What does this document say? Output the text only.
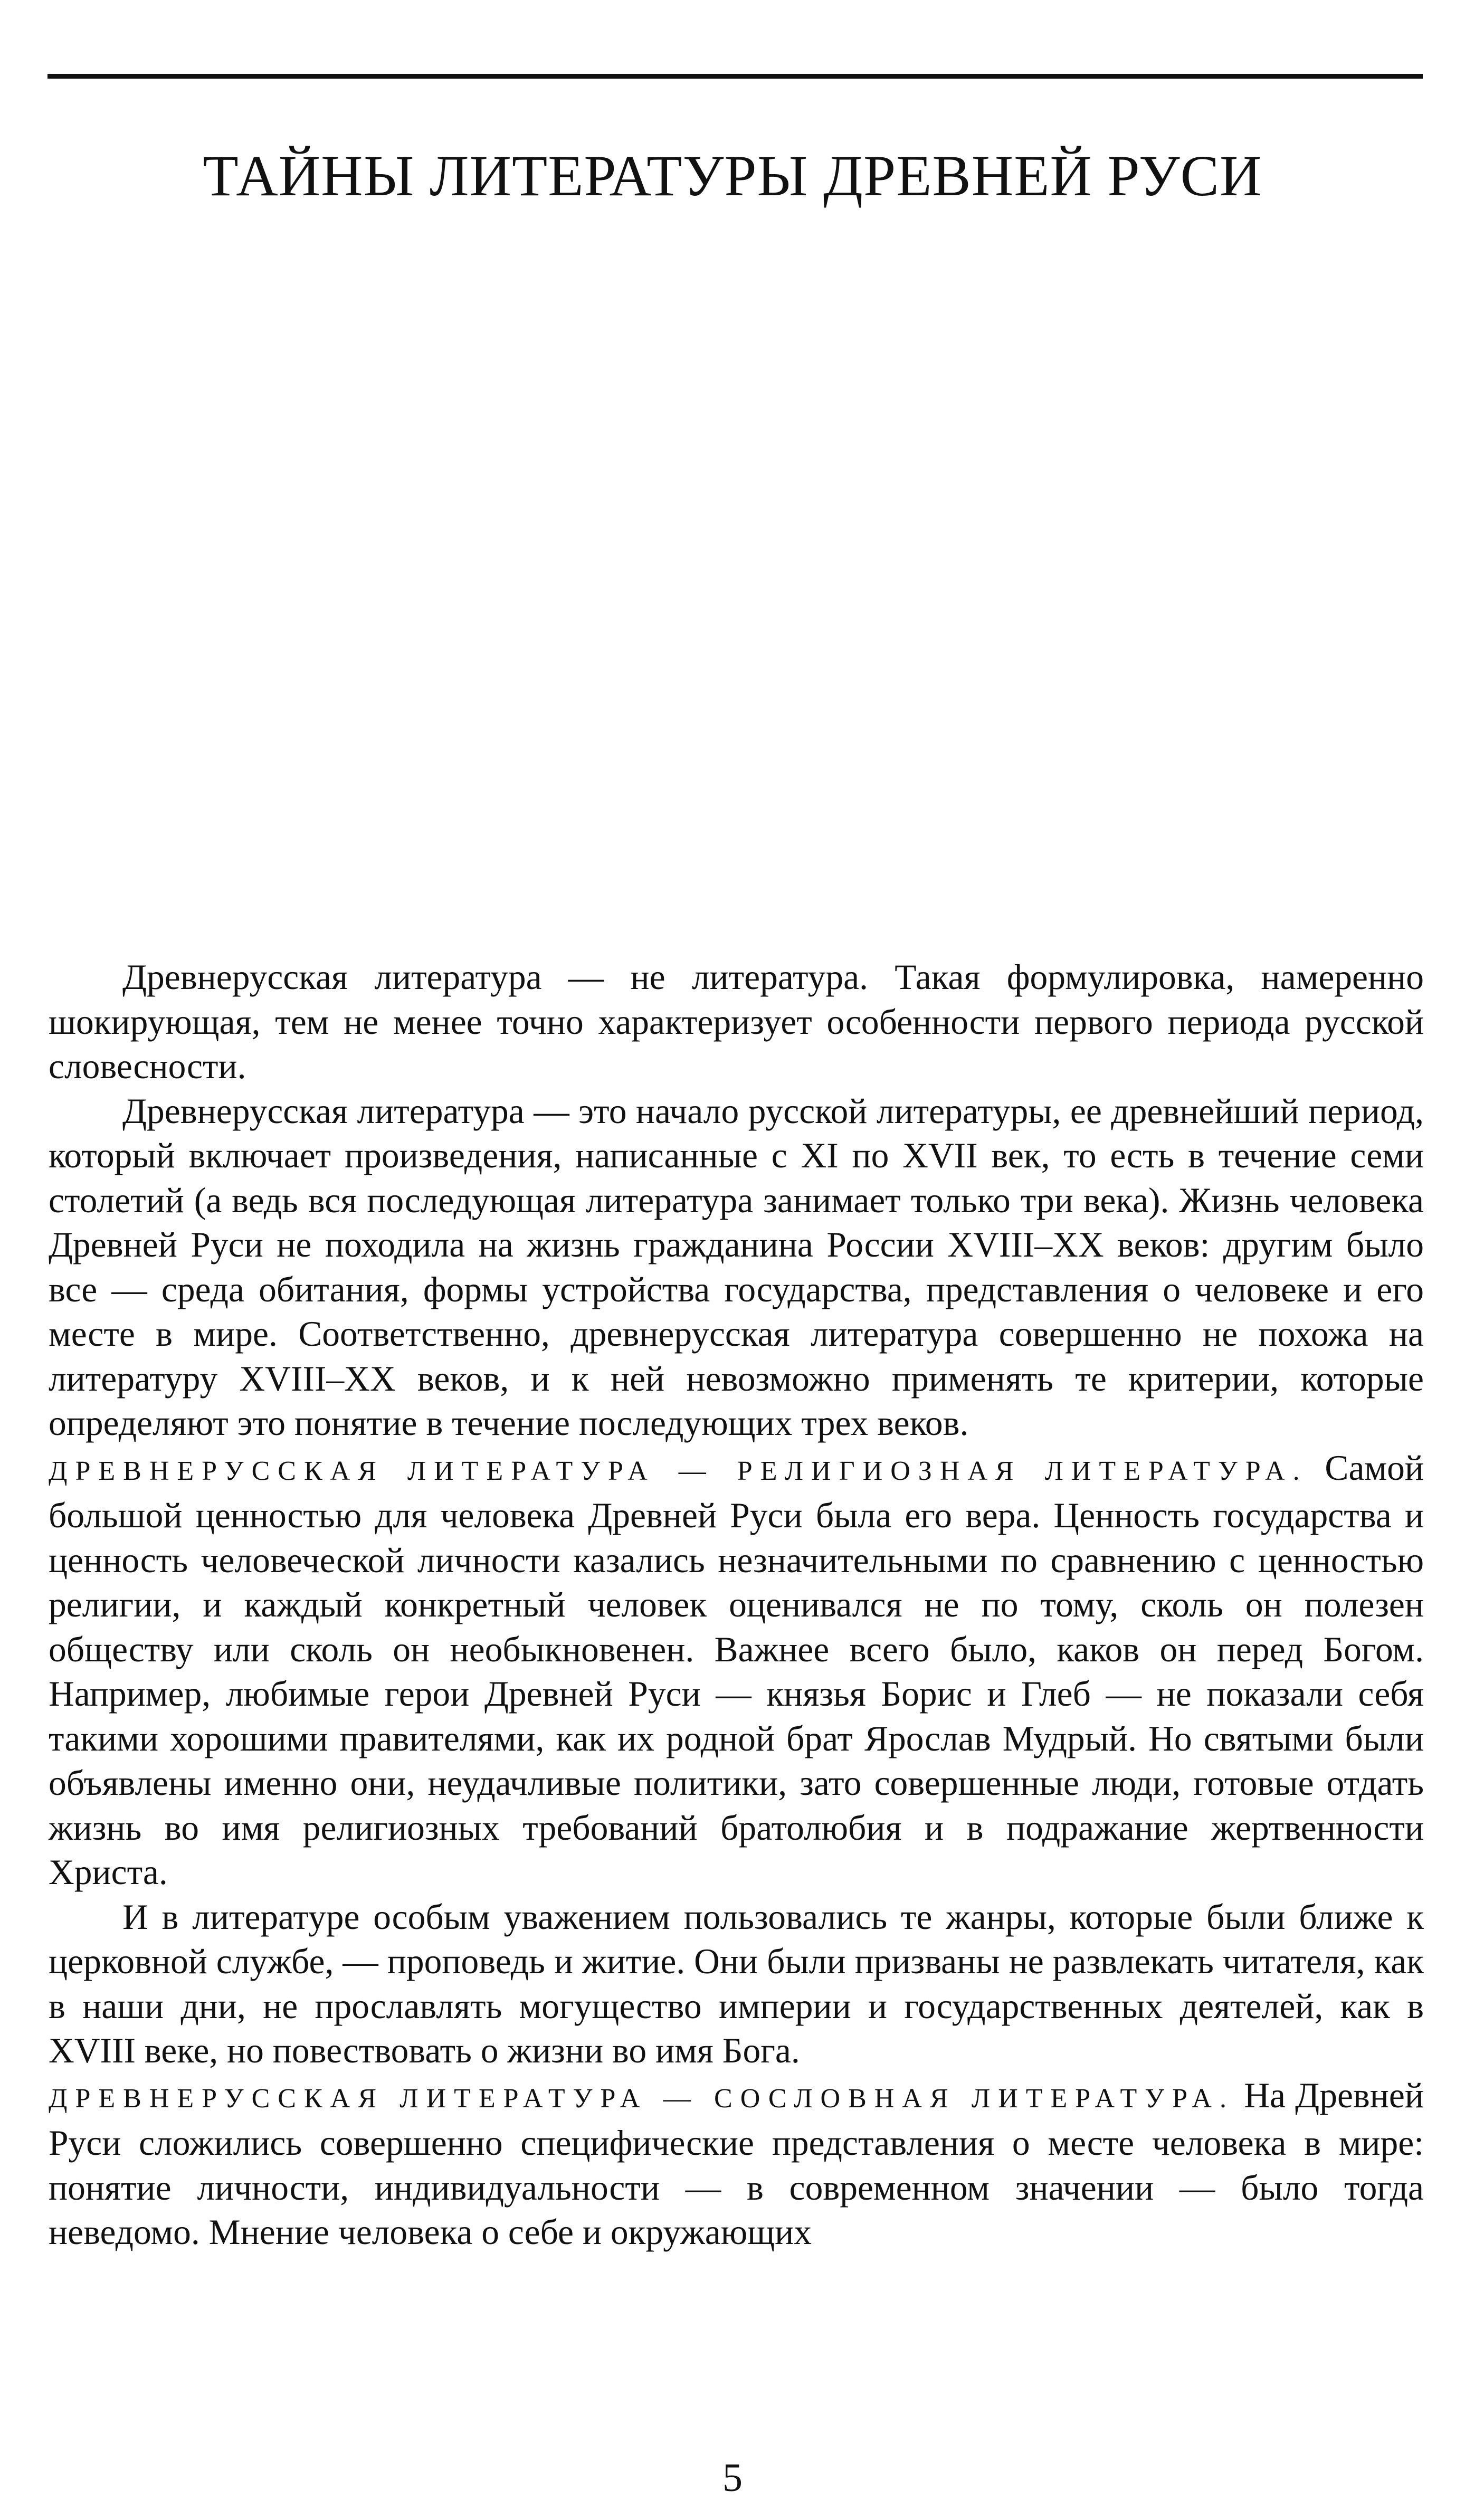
ТАЙНЫ ЛИТЕРАТУРЫ ДРЕВНЕЙ РУСИ

Древнерусская литература — не литература. Такая формулировка, намеренно шокирующая, тем не менее точно характеризует особенности первого периода русской словесности.

Древнерусская литература — это начало русской литературы, ее древнейший период, который включает произведения, написанные с XI по XVII век, то есть в течение семи столетий (а ведь вся последующая литература занимает только три века). Жизнь человека Древней Руси не походила на жизнь гражданина России XVIII–XX веков: другим было все — среда обитания, формы устройства государства, представления о человеке и его месте в мире. Соответственно, древнерусская литература совершенно не похожа на литературу XVIII–XX веков, и к ней невозможно применять те критерии, которые определяют это понятие в течение последующих трех веков.

ДРЕВНЕРУССКАЯ ЛИТЕРАТУРА — РЕЛИГИОЗНАЯ ЛИТЕРАТУРА. Самой большой ценностью для человека Древней Руси была его вера. Ценность государства и ценность человеческой личности казались незначительными по сравнению с ценностью религии, и каждый конкретный человек оценивался не по тому, сколь он полезен обществу или сколь он необыкновенен. Важнее всего было, каков он перед Богом. Например, любимые герои Древней Руси — князья Борис и Глеб — не показали себя такими хорошими правителями, как их родной брат Ярослав Мудрый. Но святыми были объявлены именно они, неудачливые политики, зато совершенные люди, готовые отдать жизнь во имя религиозных требований братолюбия и в подражание жертвенности Христа.

И в литературе особым уважением пользовались те жанры, которые были ближе к церковной службе, — проповедь и житие. Они были призваны не развлекать читателя, как в наши дни, не прославлять могущество империи и государственных деятелей, как в XVIII веке, но повествовать о жизни во имя Бога.

ДРЕВНЕРУССКАЯ ЛИТЕРАТУРА — СОСЛОВНАЯ ЛИТЕРАТУРА. На Древней Руси сложились совершенно специфические представления о месте человека в мире: понятие личности, индивидуальности — в современном значении — было тогда неведомо. Мнение человека о себе и окружающих

5
